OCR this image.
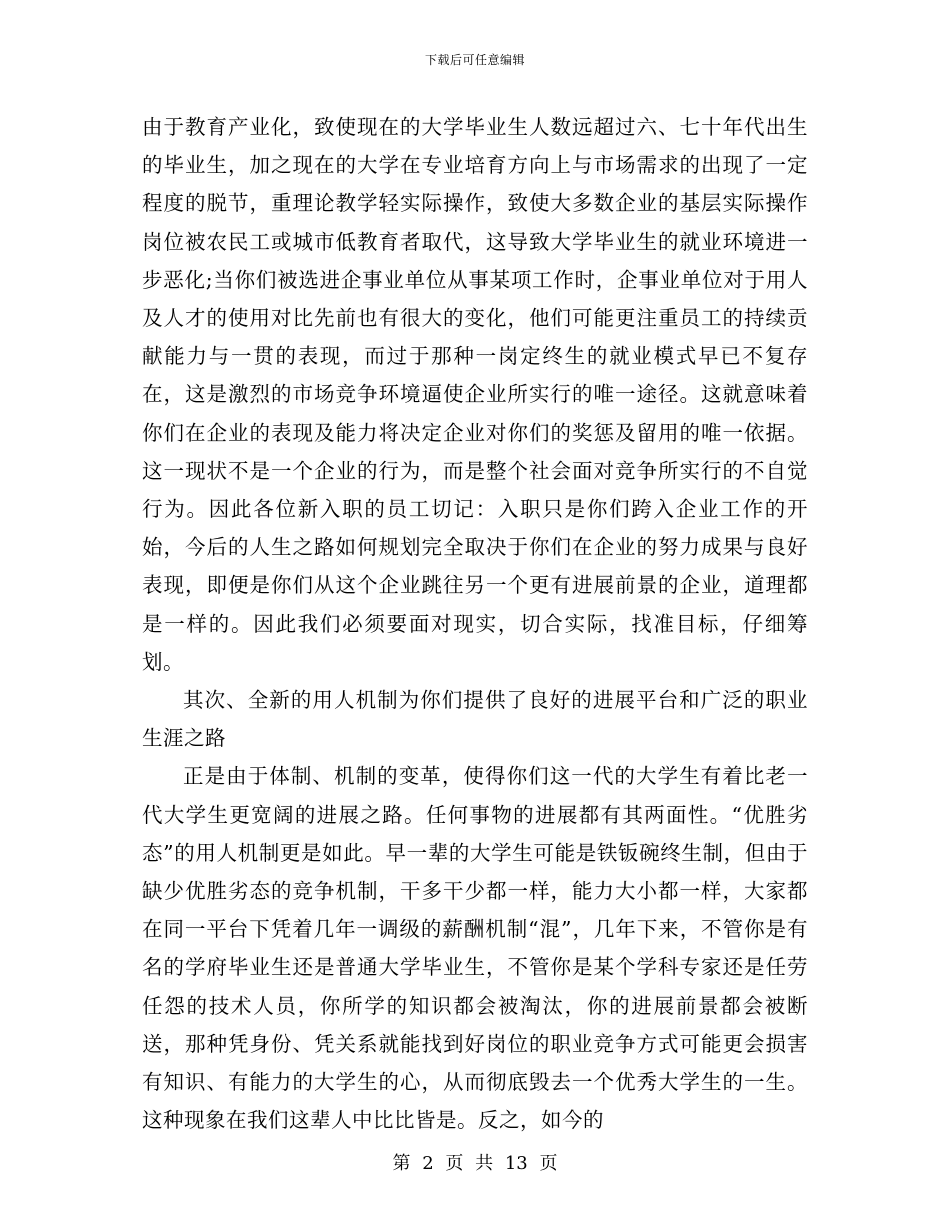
下载后可任意编辑

由于教育产业化，致使现在的大学毕业生人数远超过六、七十年代出生的毕业生，加之现在的大学在专业培育方向上与市场需求的出现了一定程度的脱节，重理论教学轻实际操作，致使大多数企业的基层实际操作岗位被农民工或城市低教育者取代，这导致大学毕业生的就业环境进一步恶化;当你们被选进企事业单位从事某项工作时，企事业单位对于用人及人才的使用对比先前也有很大的变化，他们可能更注重员工的持续贡献能力与一贯的表现，而过于那种一岗定终生的就业模式早已不复存在，这是激烈的市场竞争环境逼使企业所实行的唯一途径。这就意味着你们在企业的表现及能力将决定企业对你们的奖惩及留用的唯一依据。这一现状不是一个企业的行为，而是整个社会面对竞争所实行的不自觉行为。因此各位新入职的员工切记：入职只是你们跨入企业工作的开始，今后的人生之路如何规划完全取决于你们在企业的努力成果与良好表现，即便是你们从这个企业跳往另一个更有进展前景的企业，道理都是一样的。因此我们必须要面对现实，切合实际，找准目标，仔细筹划。

其次、全新的用人机制为你们提供了良好的进展平台和广泛的职业生涯之路

正是由于体制、机制的变革，使得你们这一代的大学生有着比老一代大学生更宽阔的进展之路。任何事物的进展都有其两面性。“优胜劣态”的用人机制更是如此。早一辈的大学生可能是铁钣碗终生制，但由于缺少优胜劣态的竞争机制，干多干少都一样，能力大小都一样，大家都在同一平台下凭着几年一调级的薪酬机制“混”，几年下来，不管你是有名的学府毕业生还是普通大学毕业生，不管你是某个学科专家还是任劳任怨的技术人员，你所学的知识都会被淘汰，你的进展前景都会被断送，那种凭身份、凭关系就能找到好岗位的职业竞争方式可能更会损害有知识、有能力的大学生的心，从而彻底毁去一个优秀大学生的一生。这种现象在我们这辈人中比比皆是。反之，如今的

第 2 页 共 13 页
